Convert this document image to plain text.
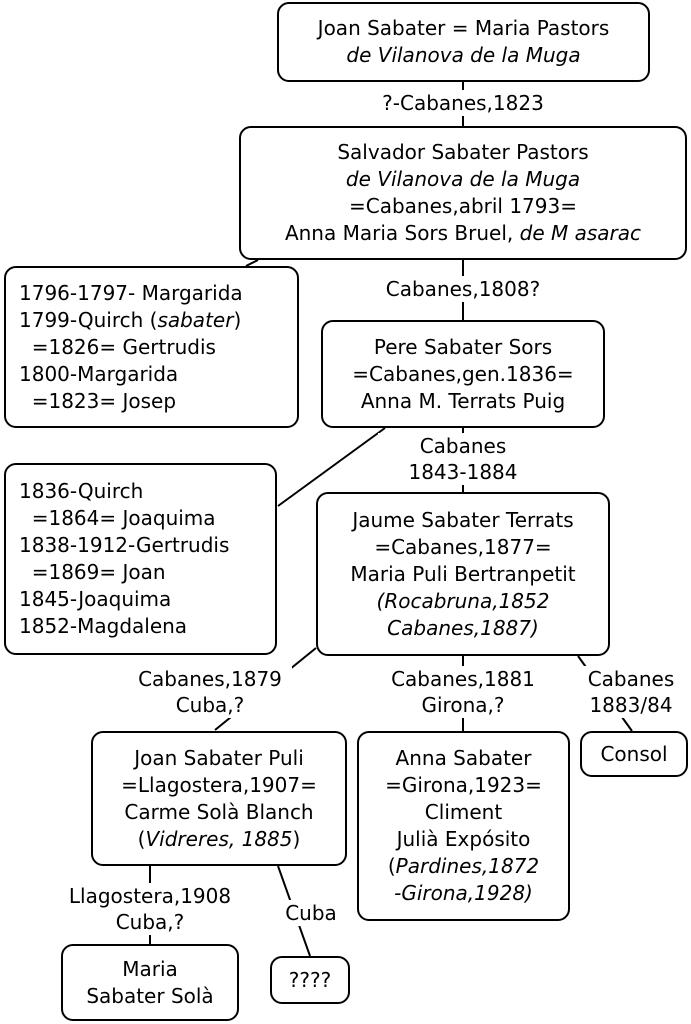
Joan Sabater = Maria Pastors
de Vilanova de la Muga
Salvador Sabater Pastors
de Vilanova de la Muga
=Cabanes,abril 1793=
Anna Maria Sors Bruel, de M asarac
1796-1797- Margarida
1799-Quirch (sabater)
=1826= Gertrudis
1800-Margarida
=1823= Josep
Pere Sabater Sors
=Cabanes,gen.1836=
Anna M. Terrats Puig
1836-Quirch
=1864= Joaquima
1838-1912-Gertrudis
=1869= Joan
1845-Joaquima
1852-Magdalena
Jaume Sabater Terrats
=Cabanes,1877=
Maria Puli Bertranpetit
(Rocabruna,1852
Cabanes,1887)
Joan Sabater Puli
=Llagostera,1907=
Carme Solà Blanch
(Vidreres, 1885)
Anna Sabater
=Girona,1923=
Climent
Julià Expósito
(Pardines,1872
-Girona,1928)
Consol
Maria
Sabater Solà
????
?-Cabanes,1823
Cabanes,1808?
Cabanes
1843-1884
Cabanes,1879
Cuba,?
Cabanes,1881
Girona,?
Cabanes
1883/84
Llagostera,1908
Cuba,?	Cuba
